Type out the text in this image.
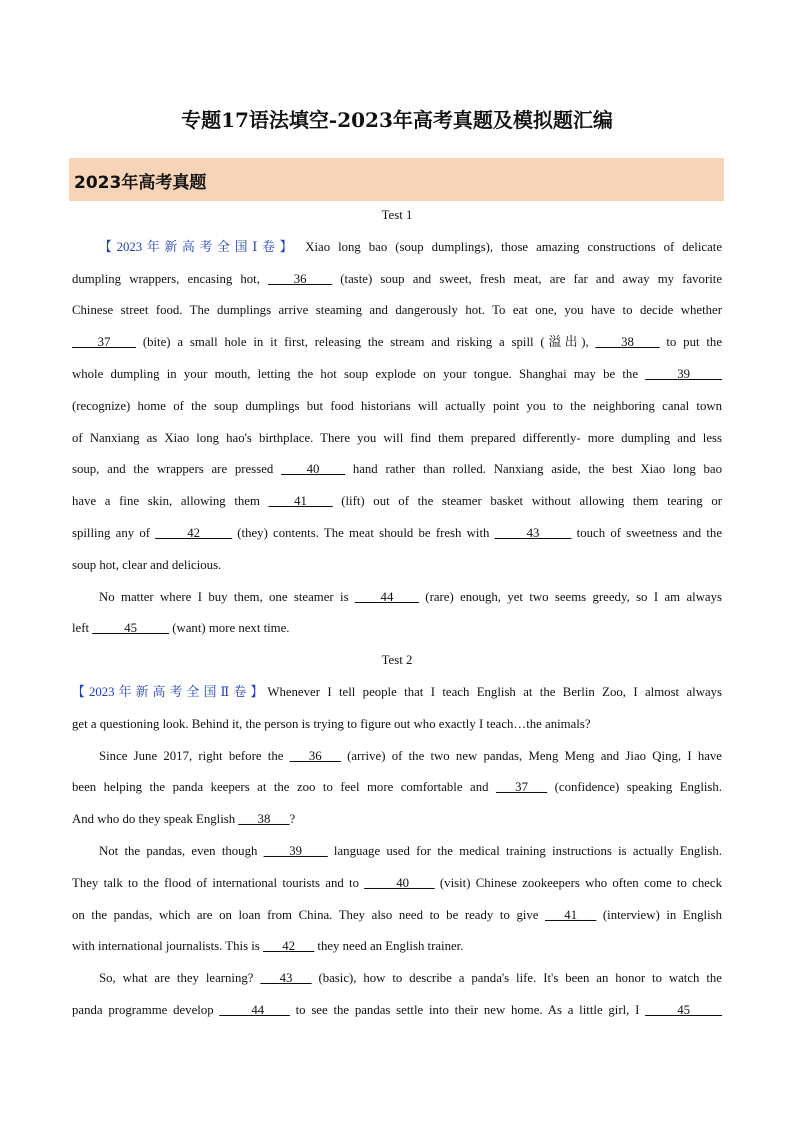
专题17语法填空-2023年高考真题及模拟题汇编
2023年高考真题

Test 1

【2023年新高考全国Ⅰ卷】 Xiao long bao (soup dumplings), those amazing constructions of delicate
dumpling wrappers, encasing hot, ____36____ (taste) soup and sweet, fresh meat, are far and away my favorite
Chinese street food. The dumplings arrive steaming and dangerously hot. To eat one, you have to decide whether
____37____ (bite) a small hole in it first, releasing the stream and risking a spill (溢出), ____38____ to put the
whole dumpling in your mouth, letting the hot soup explode on your tongue. Shanghai may be the _____39_____
(recognize) home of the soup dumplings but food historians will actually point you to the neighboring canal town
of Nanxiang as Xiao long hao's birthplace. There you will find them prepared differently- more dumpling and less
soup, and the wrappers are pressed ____40____ hand rather than rolled. Nanxiang aside, the best Xiao long bao
have a fine skin, allowing them ____41____ (lift) out of the steamer basket without allowing them tearing or
spilling any of _____42_____ (they) contents. The meat should be fresh with _____43_____ touch of sweetness and the
soup hot, clear and delicious.

No matter where I buy them, one steamer is ____44____ (rare) enough, yet two seems greedy, so I am always
left _____45_____ (want) more next time.

Test 2

【2023年新高考全国Ⅱ卷】Whenever I tell people that I teach English at the Berlin Zoo, I almost always
get a questioning look. Behind it, the person is trying to figure out who exactly I teach…the animals?

Since June 2017, right before the ___36___ (arrive) of the two new pandas, Meng Meng and Jiao Qing, I have
been helping the panda keepers at the zoo to feel more comfortable and ___37___ (confidence) speaking English.
And who do they speak English ___38___?

Not the pandas, even though ____39____ language used for the medical training instructions is actually English.
They talk to the flood of international tourists and to _____40____ (visit) Chinese zookeepers who often come to check
on the pandas, which are on loan from China. They also need to be ready to give ___41___ (interview) in English
with international journalists. This is ___42___ they need an English trainer.

So, what are they learning? ___43___ (basic), how to describe a panda's life. It's been an honor to watch the
panda programme develop _____44____ to see the pandas settle into their new home. As a little girl, I _____45_____
